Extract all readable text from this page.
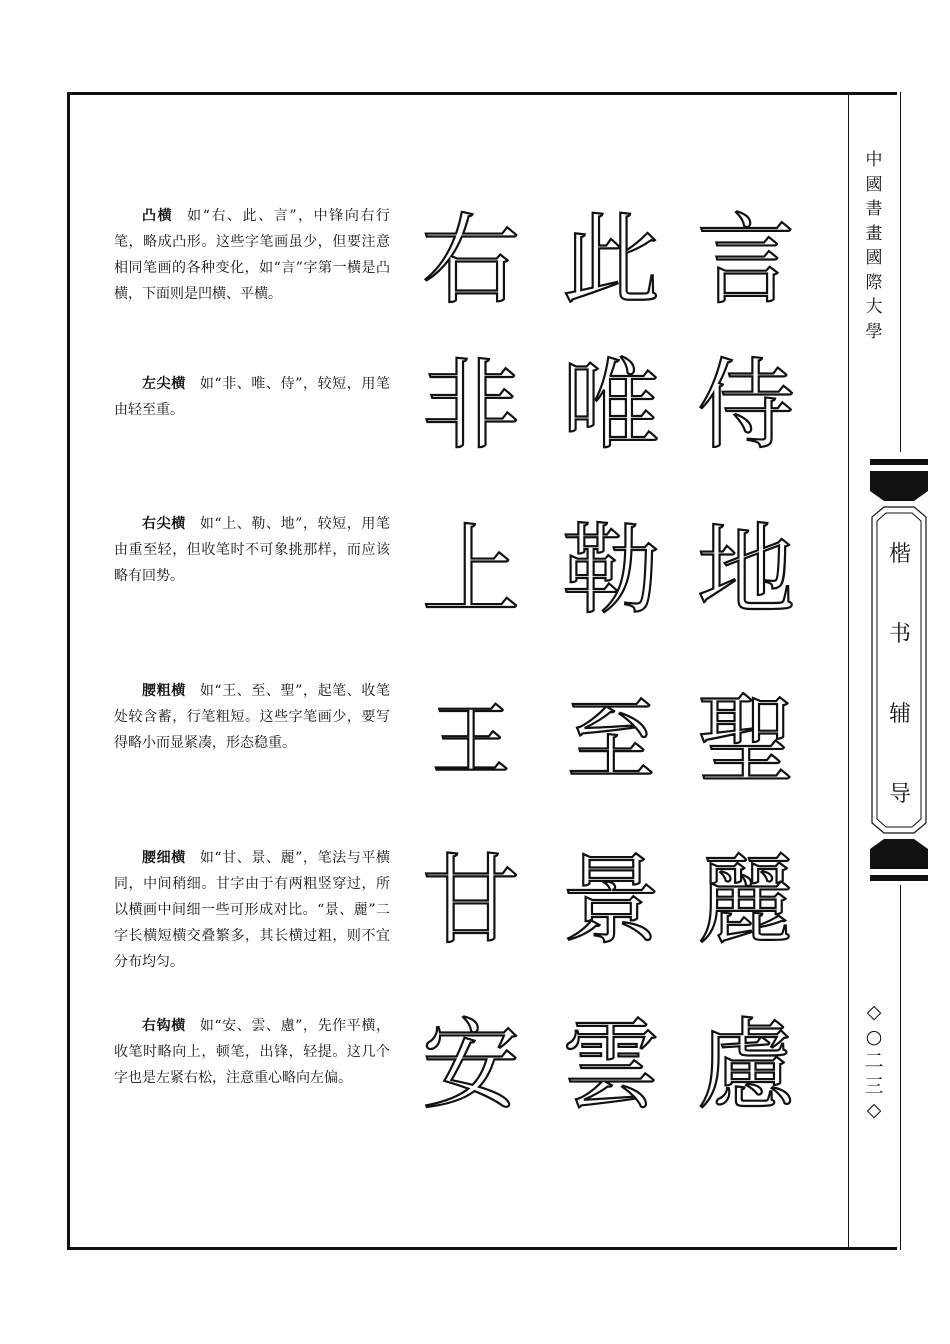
凸横 如“右、此、言”，中锋向右行笔，略成凸形。这些字笔画虽少，但要注意相同笔画的各种变化，如“言”字第一横是凸横，下面则是凹横、平横。
左尖横 如“非、唯、侍”，较短，用笔由轻至重。
右尖横 如“上、勒、地”，较短，用笔由重至轻，但收笔时不可象挑那样，而应该略有回势。
腰粗横 如“王、至、聖”，起笔、收笔处较含蓄，行笔粗短。这些字笔画少，要写得略小而显紧凑，形态稳重。
腰细横 如“甘、景、麗”，笔法与平横同，中间稍细。甘字由于有两粗竖穿过，所以横画中间细一些可形成对比。“景、麗”二字长横短横交叠繁多，其长横过粗，则不宜分布均匀。
右钩横 如“安、雲、慮”，先作平横，收笔时略向上，顿笔，出锋，轻提。这几个字也是左紧右松，注意重心略向左偏。
右 此 言
非 唯 侍
上 勒 地
王 至 聖
甘 景 麗
安 雲 慮
中
國
書
畫
國
際
大
學
楷
书
辅
导
◇
○
二
三
◇
